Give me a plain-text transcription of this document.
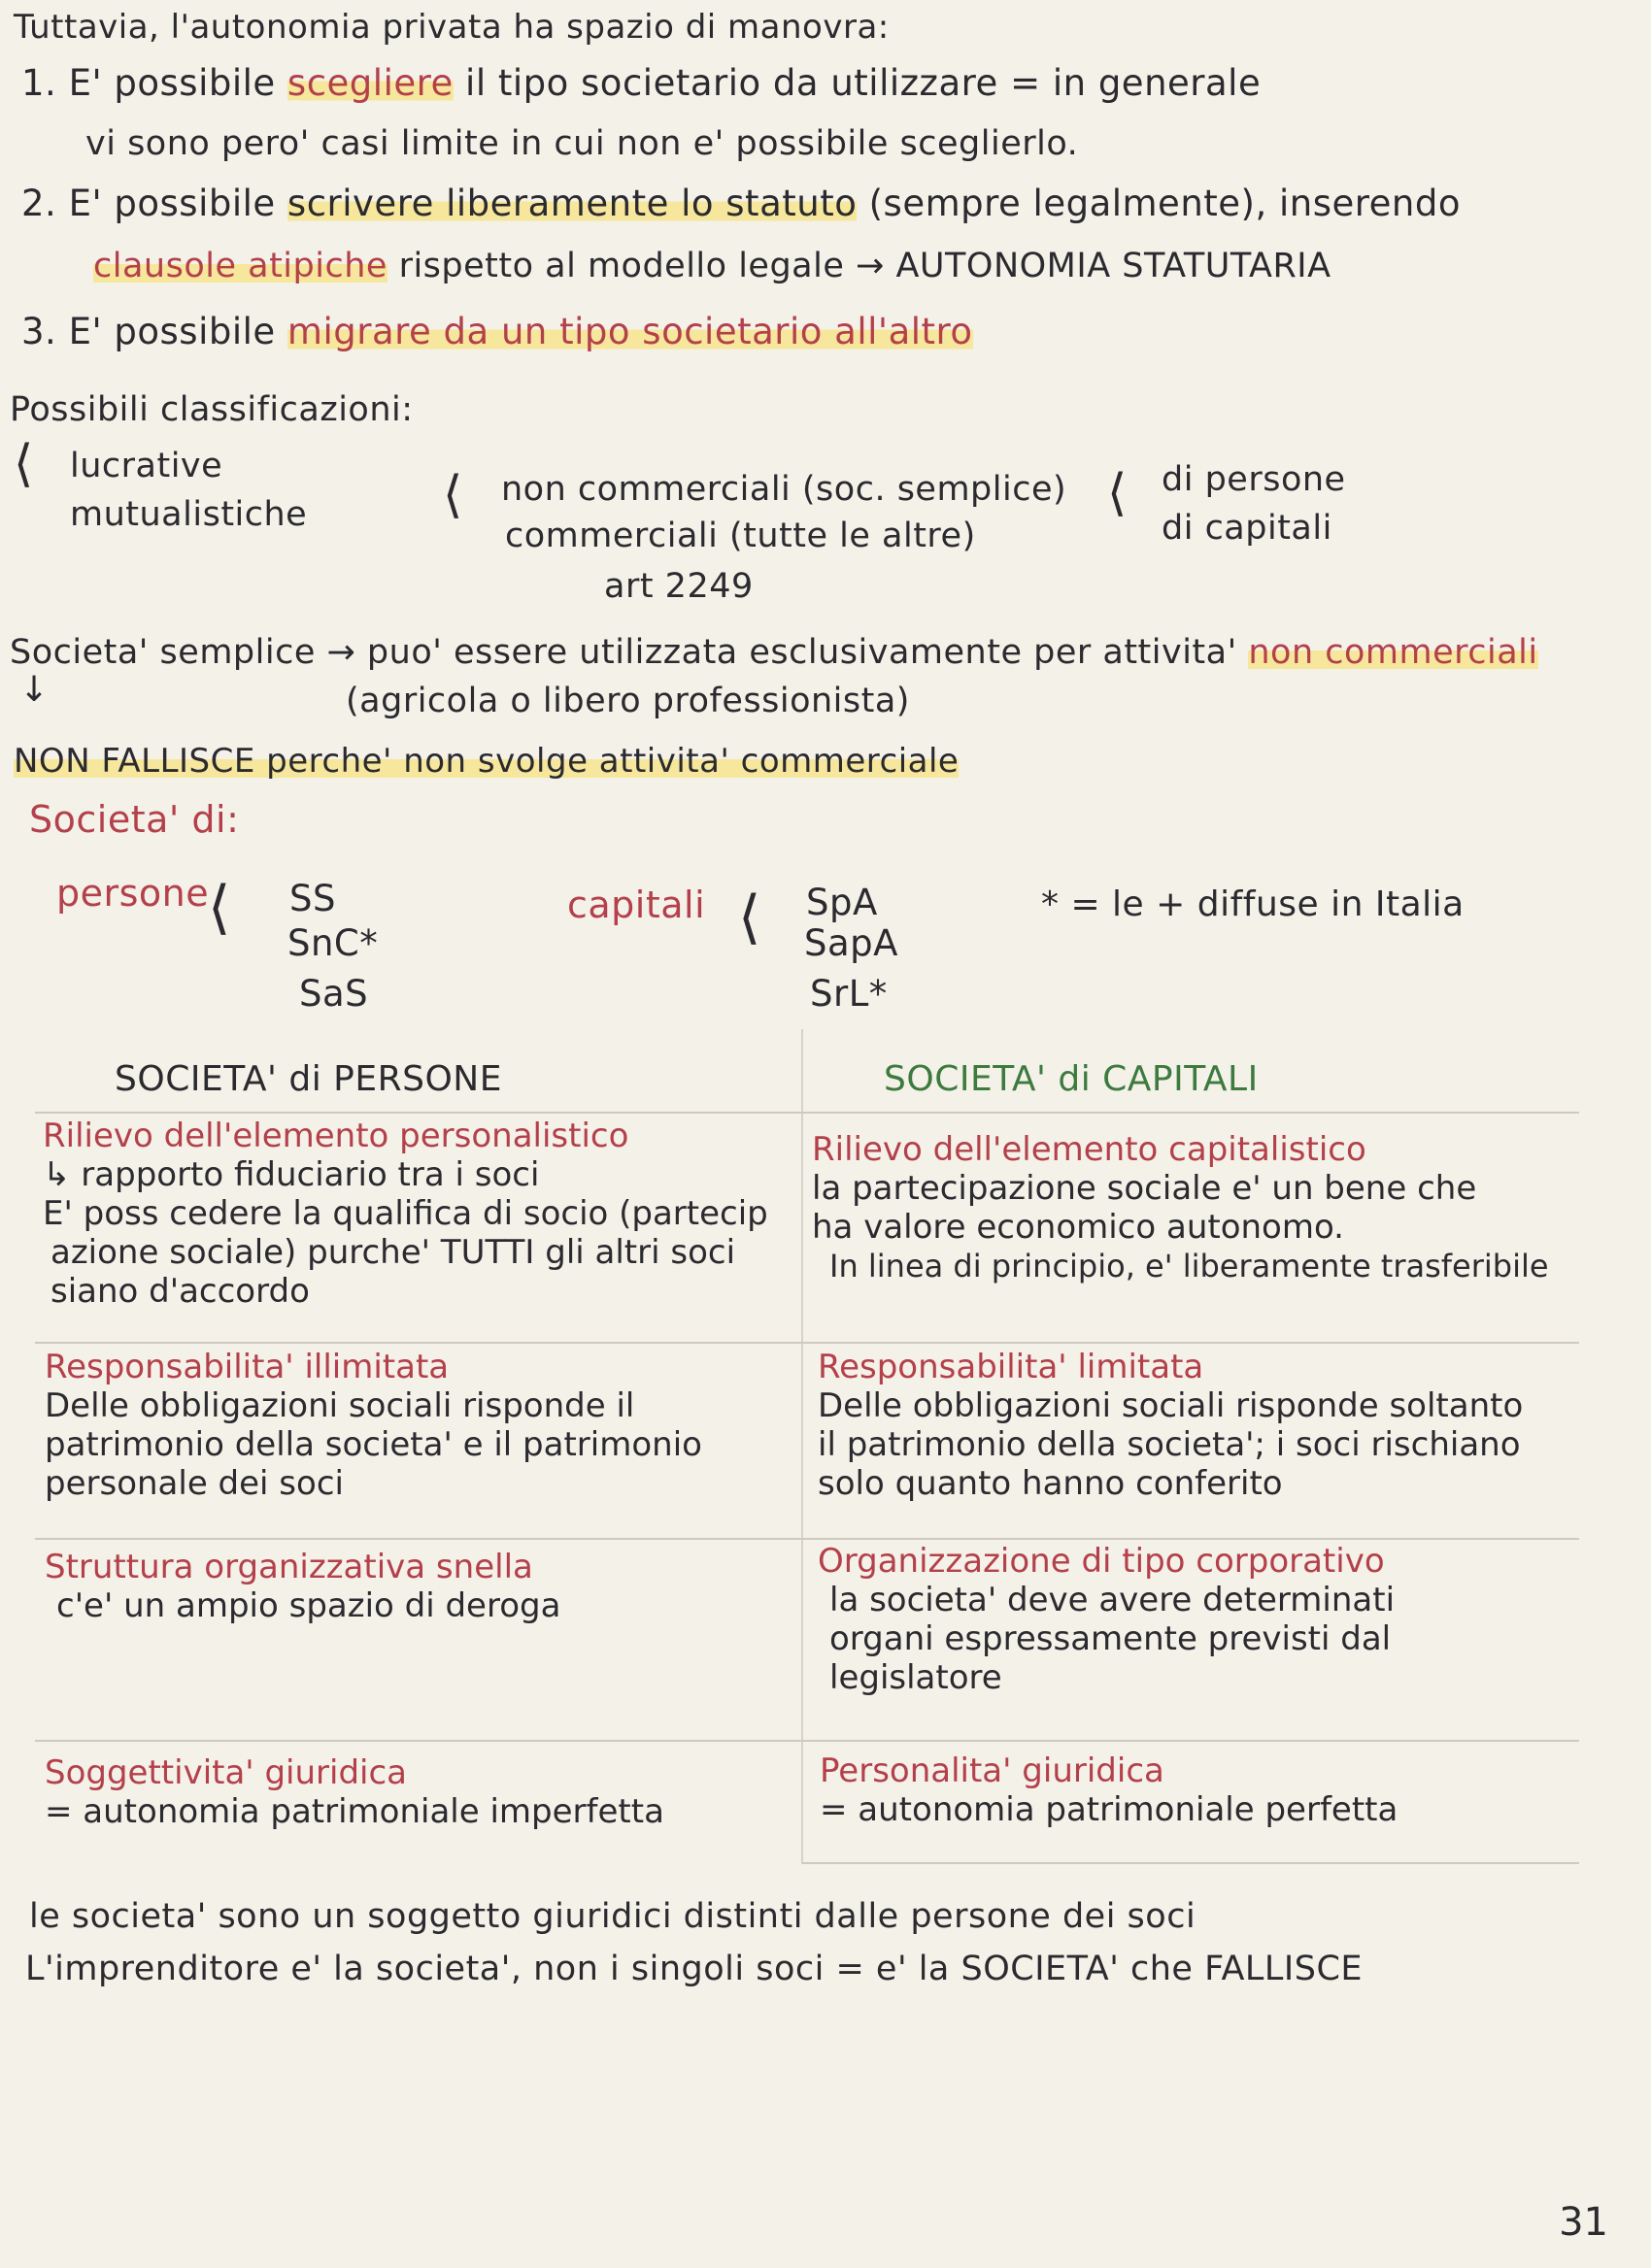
Tuttavia, l'autonomia privata ha spazio di manovra:
1. E' possibile scegliere il tipo societario da utilizzare = in generale
vi sono pero' casi limite in cui non e' possibile sceglierlo.
2. E' possibile scrivere liberamente lo statuto (sempre legalmente), inserendo
clausole atipiche rispetto al modello legale → AUTONOMIA STATUTARIA
3. E' possibile migrare da un tipo societario all'altro
Possibili classificazioni:
⟨ lucrative
mutualistiche	⟨ non commerciali (soc. semplice)
commerciali (tutte le altre)
art 2249
⟨ di persone
di capitali
Societa' semplice → puo' essere utilizzata esclusivamente per attivita' non commerciali
↓	(agricola o libero professionista)
NON FALLISCE perche' non svolge attivita' commerciale
Societa' di:
persone
⟨ SS
SnC*
SaS
capitali ⟨ SpA
SapA
SrL*
* = le + diffuse in Italia
SOCIETA' di PERSONE	SOCIETA' di CAPITALI
Rilievo dell'elemento personalistico
↳ rapporto fiduciario tra i soci
E' poss cedere la qualifica di socio (partecip
azione sociale) purche' TUTTI gli altri soci
siano d'accordo
Rilievo dell'elemento capitalistico
la partecipazione sociale e' un bene che
ha valore economico autonomo.
In linea di principio, e' liberamente trasferibile
Responsabilita' illimitata
Delle obbligazioni sociali risponde il
patrimonio della societa' e il patrimonio
personale dei soci
Responsabilita' limitata
Delle obbligazioni sociali risponde soltanto
il patrimonio della societa'; i soci rischiano
solo quanto hanno conferito
Struttura organizzativa snella
c'e' un ampio spazio di deroga
Organizzazione di tipo corporativo
la societa' deve avere determinati
organi espressamente previsti dal
legislatore
Soggettivita' giuridica
= autonomia patrimoniale imperfetta
Personalita' giuridica
= autonomia patrimoniale perfetta
le societa' sono un soggetto giuridici distinti dalle persone dei soci
L'imprenditore e' la societa', non i singoli soci = e' la SOCIETA' che FALLISCE
31
